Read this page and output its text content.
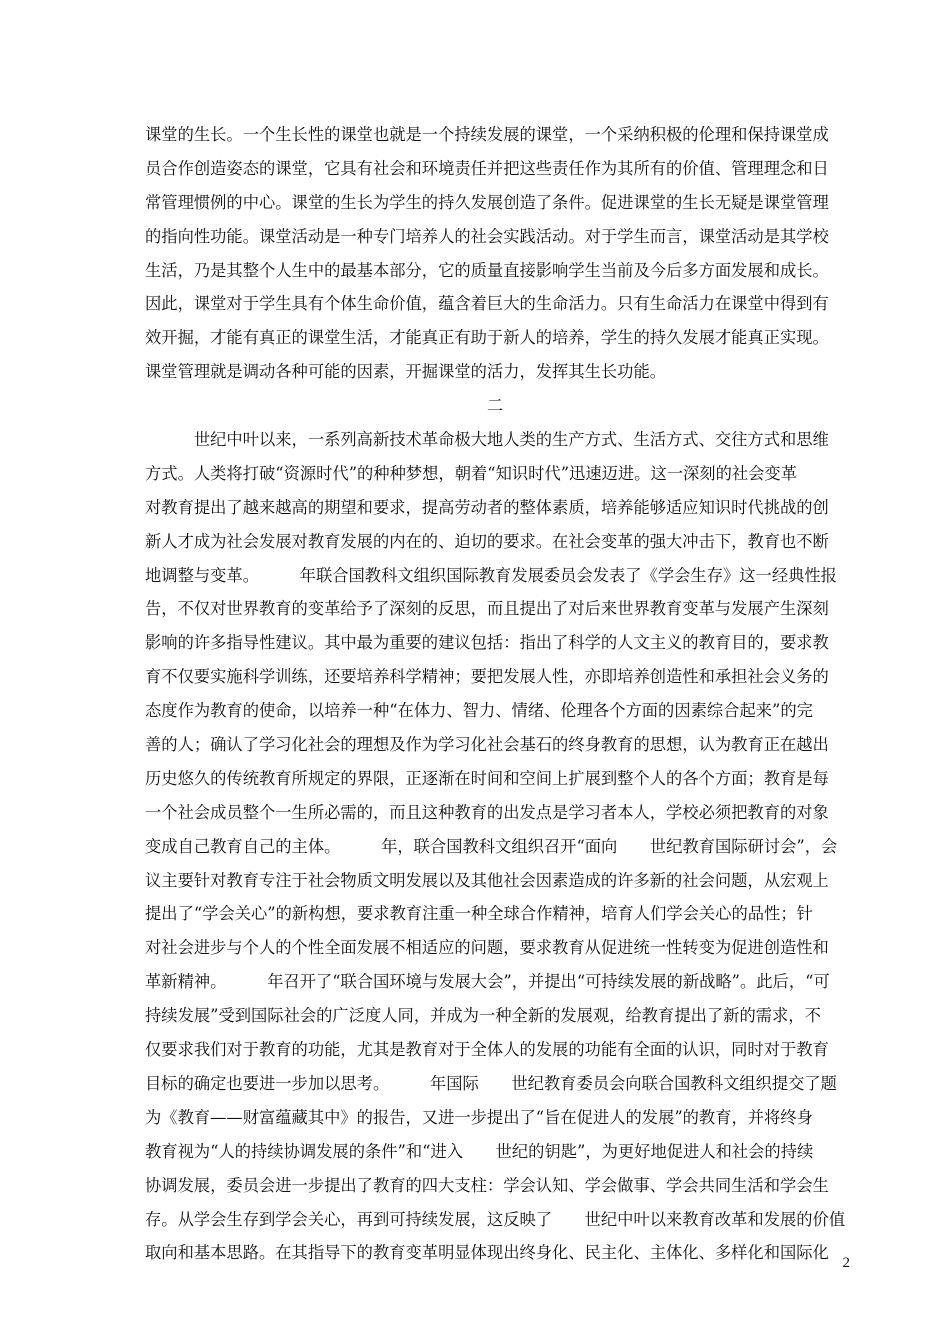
课堂的生长。一个生长性的课堂也就是一个持续发展的课堂，一个采纳积极的伦理和保持课堂成
员合作创造姿态的课堂，它具有社会和环境责任并把这些责任作为其所有的价值、管理理念和日
常管理惯例的中心。课堂的生长为学生的持久发展创造了条件。促进课堂的生长无疑是课堂管理
的指向性功能。课堂活动是一种专门培养人的社会实践活动。对于学生而言，课堂活动是其学校
生活，乃是其整个人生中的最基本部分，它的质量直接影响学生当前及今后多方面发展和成长。
因此，课堂对于学生具有个体生命价值，蕴含着巨大的生命活力。只有生命活力在课堂中得到有
效开掘，才能有真正的课堂生活，才能真正有助于新人的培养，学生的持久发展才能真正实现。
课堂管理就是调动各种可能的因素，开掘课堂的活力，发挥其生长功能。
二
　　　世纪中叶以来，一系列高新技术革命极大地人类的生产方式、生活方式、交往方式和思维
方式。人类将打破“资源时代”的种种梦想，朝着“知识时代”迅速迈进。这一深刻的社会变革
对教育提出了越来越高的期望和要求，提高劳动者的整体素质，培养能够适应知识时代挑战的创
新人才成为社会发展对教育发展的内在的、迫切的要求。在社会变革的强大冲击下，教育也不断
地调整与变革。　　　年联合国教科文组织国际教育发展委员会发表了《学会生存》这一经典性报
告，不仅对世界教育的变革给予了深刻的反思，而且提出了对后来世界教育变革与发展产生深刻
影响的许多指导性建议。其中最为重要的建议包括：指出了科学的人文主义的教育目的，要求教
育不仅要实施科学训练，还要培养科学精神；要把发展人性，亦即培养创造性和承担社会义务的
态度作为教育的使命，以培养一种“在体力、智力、情绪、伦理各个方面的因素综合起来”的完
善的人；确认了学习化社会的理想及作为学习化社会基石的终身教育的思想，认为教育正在越出
历史悠久的传统教育所规定的界限，正逐渐在时间和空间上扩展到整个人的各个方面；教育是每
一个社会成员整个一生所必需的，而且这种教育的出发点是学习者本人，学校必须把教育的对象
变成自己教育自己的主体。　　　年，联合国教科文组织召开“面向　　世纪教育国际研讨会”，会
议主要针对教育专注于社会物质文明发展以及其他社会因素造成的许多新的社会问题，从宏观上
提出了“学会关心”的新构想，要求教育注重一种全球合作精神，培育人们学会关心的品性；针
对社会进步与个人的个性全面发展不相适应的问题，要求教育从促进统一性转变为促进创造性和
革新精神。　　　年召开了“联合国环境与发展大会”，并提出“可持续发展的新战略”。此后，“可
持续发展”受到国际社会的广泛度人同，并成为一种全新的发展观，给教育提出了新的需求，不
仅要求我们对于教育的功能，尤其是教育对于全体人的发展的功能有全面的认识，同时对于教育
目标的确定也要进一步加以思考。　　　年国际　　世纪教育委员会向联合国教科文组织提交了题
为《教育——财富蕴藏其中》的报告，又进一步提出了“旨在促进人的发展”的教育，并将终身
教育视为“人的持续协调发展的条件”和“进入　　世纪的钥匙”，为更好地促进人和社会的持续
协调发展，委员会进一步提出了教育的四大支柱：学会认知、学会做事、学会共同生活和学会生
存。从学会生存到学会关心，再到可持续发展，这反映了　　世纪中叶以来教育改革和发展的价值
取向和基本思路。在其指导下的教育变革明显体现出终身化、民主化、主体化、多样化和国际化
2
